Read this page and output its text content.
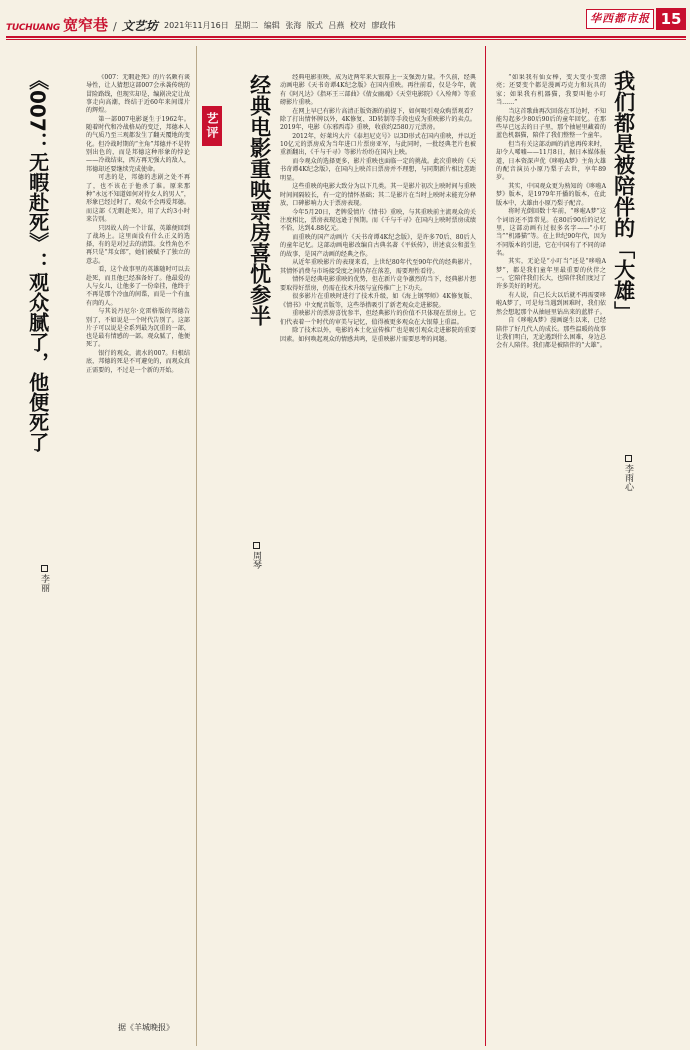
TUCHUANG 宽窄巷 / 文艺坊 2021年11月16日 星期二 编辑 张海 版式 吕燕 校对 廖政伟
华西都市报 15
我们都是被陪伴的「大雄」
李雨心

“如果我有仙女棒，变大变小变漂亮；还要变个都是漫画巧克力和玩具的家；如果我有机器猫，我要叫他小叮当……”

当这首歌曲再次回荡在耳边时，不知能勾起多少80后90后的童年回忆。在那些早已远去的日子里，那个抽屉里藏着的蓝色机器猫，陪伴了我们整整一个童年。

但当有关这部动画的消息再传来时，却令人唏嘘——11月8日，据日本媒体报道，日本资深声优《哆啦A梦》主角大雄的配音演员小原乃梨子去世，享年89岁。

其实，中国观众更为熟知的《哆啦A梦》版本，是1979年开播的版本，在此版本中，大雄由小原乃梨子配音。

将时光倒回数十年前，“哆啦A梦”这个词语还不算常见。在80后90后的记忆里，这部动画有过很多名字——“小叮当”“机器猫”等。在上世纪90年代，因为不同版本的引进，它在中国有了不同的译名。

其实，无论是“小叮当”还是“哆啦A梦”，都是我们童年里最重要的伙伴之一。它陪伴我们长大，也陪伴我们度过了许多美好的时光。

有人说，自己长大以后就不再需要哆啦A梦了，可是每当遇到困难时，我们依然会想起那个从抽屉里钻出来的蓝胖子。

自《哆啦A梦》漫画诞生以来，已经陪伴了好几代人的成长。那些温暖的故事让我们明白，无论遇到什么困难，身边总会有人陪伴。我们都是被陪伴的“大雄”。

经典电影重映票房喜忧参半
艺评
周琴

经典电影重映，成为近两年来大银幕上一支强劲力量。不久前，经典动画电影《天书奇谭4K纪念版》在国内重映。再往前看，仅是今年，就有《阿凡达》《指环王三部曲》《倩女幽魂》《天堂电影院》《入殓师》等重磅影片重映。

在网上早已有影片高清正版资源的前提下，如何吸引观众购票观看？除了打出情怀牌以外，4K修复、3D转制等手段也成为重映影片的卖点。2019年，电影《东邪西毒》重映，收获约2580万元票房。

2012年，好莱坞大片《泰坦尼克号》以3D形式在国内重映，并以近10亿元的票房成为当年进口片票房亚军，与此同时，一批经典老片也被重新翻出，《千与千寻》等影片纷纷在国内上映。

而今观众的选择更多，影片重映也面临一定的挑战。此次重映的《天书奇谭4K纪念版》，在国内上映首日票房并不理想，与同期新片相比差距明显。

这些重映的电影大致分为以下几类。其一是影片初次上映时间与重映时间间隔较长，有一定的情怀基础；其二是影片在当时上映时未能充分释放，口碑影响力大于票房表现。

今年5月20日，老牌爱情片《情书》重映，与其重映前主流观众的关注度相比，票房表现远逊于预期。而《千与千寻》在国内上映时票房成绩不俗，达到4.88亿元。

而重映的国产动画片《天书奇谭4K纪念版》，是许多70后、80后人的童年记忆。这部动画电影改编自古典名著《平妖传》，讲述袁公和蛋生的故事，是国产动画的经典之作。

从近年重映影片的表现来看，上世纪80年代至90年代的经典影片，其情怀消费与市场接受度之间仍存在落差，需要理性看待。

情怀是经典电影重映的优势，但在新片竞争激烈的当下，经典影片想要取得好票房，仍需在技术升级与宣传推广上下功夫。

很多影片在重映时进行了技术升级，如《海上钢琴师》4K修复版、《情书》中文配音版等，这些举措吸引了新老观众走进影院。

重映影片的票房喜忧参半，但经典影片的价值不只体现在票房上。它们代表着一个时代的审美与记忆，值得被更多观众在大银幕上重温。

除了技术以外，电影的本土化宣传推广也是吸引观众走进影院的重要因素。如何唤起观众的情感共鸣，是重映影片需要思考的问题。

《007：无暇赴死》：观众腻了，他便死了
李丽

《007：无暇赴死》的片名颇有谈导性，让人猜想这部007会承袭传统的冒险路线，但现实却是，编剧决定让故事走向高潮，终结于近60年来间谍片的辉煌。

第一部007电影诞生于1962年。随着时代和冷战格局的变迁，邦德本人的气质乃至三观都发生了翻天覆地的变化。但冷战时期的“主角”邦德并不是特别出色的，而是邦德这种形象的悖论——冷战结束，西方再无强大的敌人，邦德却还要继续完成使命。

可悲的是，邦德的悲剧之处不再了，也不该在于他杀了谁。原来那种“永远不知道如何对待女人的男人”，形象已经过时了，观众不会再爱邦德。而这部《无暇赴死》，用了大约3小时来告别。

只因故人的一个计谋，英雄便回到了战场上。这里面没有什么正义的选择，有的是对过去的清算。女性角色不再只是“邦女郎”，她们被赋予了独立的意志。

看，这个故事里的英雄随时可以去赴死，而且他已经准备好了。他最爱的人与女儿，让他多了一份牵挂，他终于不再是那个冷血的间谍，而是一个有血有肉的人。

与其说丹尼尔·克雷格版的邦德告别了，不如说是一个时代告别了。这部片子可以说是全系列最为沉重的一部，也是最有情感的一部。观众腻了，他便死了。

银行的观众，流水的007。归根结底，邦德的死是不可避免的，而观众真正需要的，不过是一个新的开始。

据《羊城晚报》
